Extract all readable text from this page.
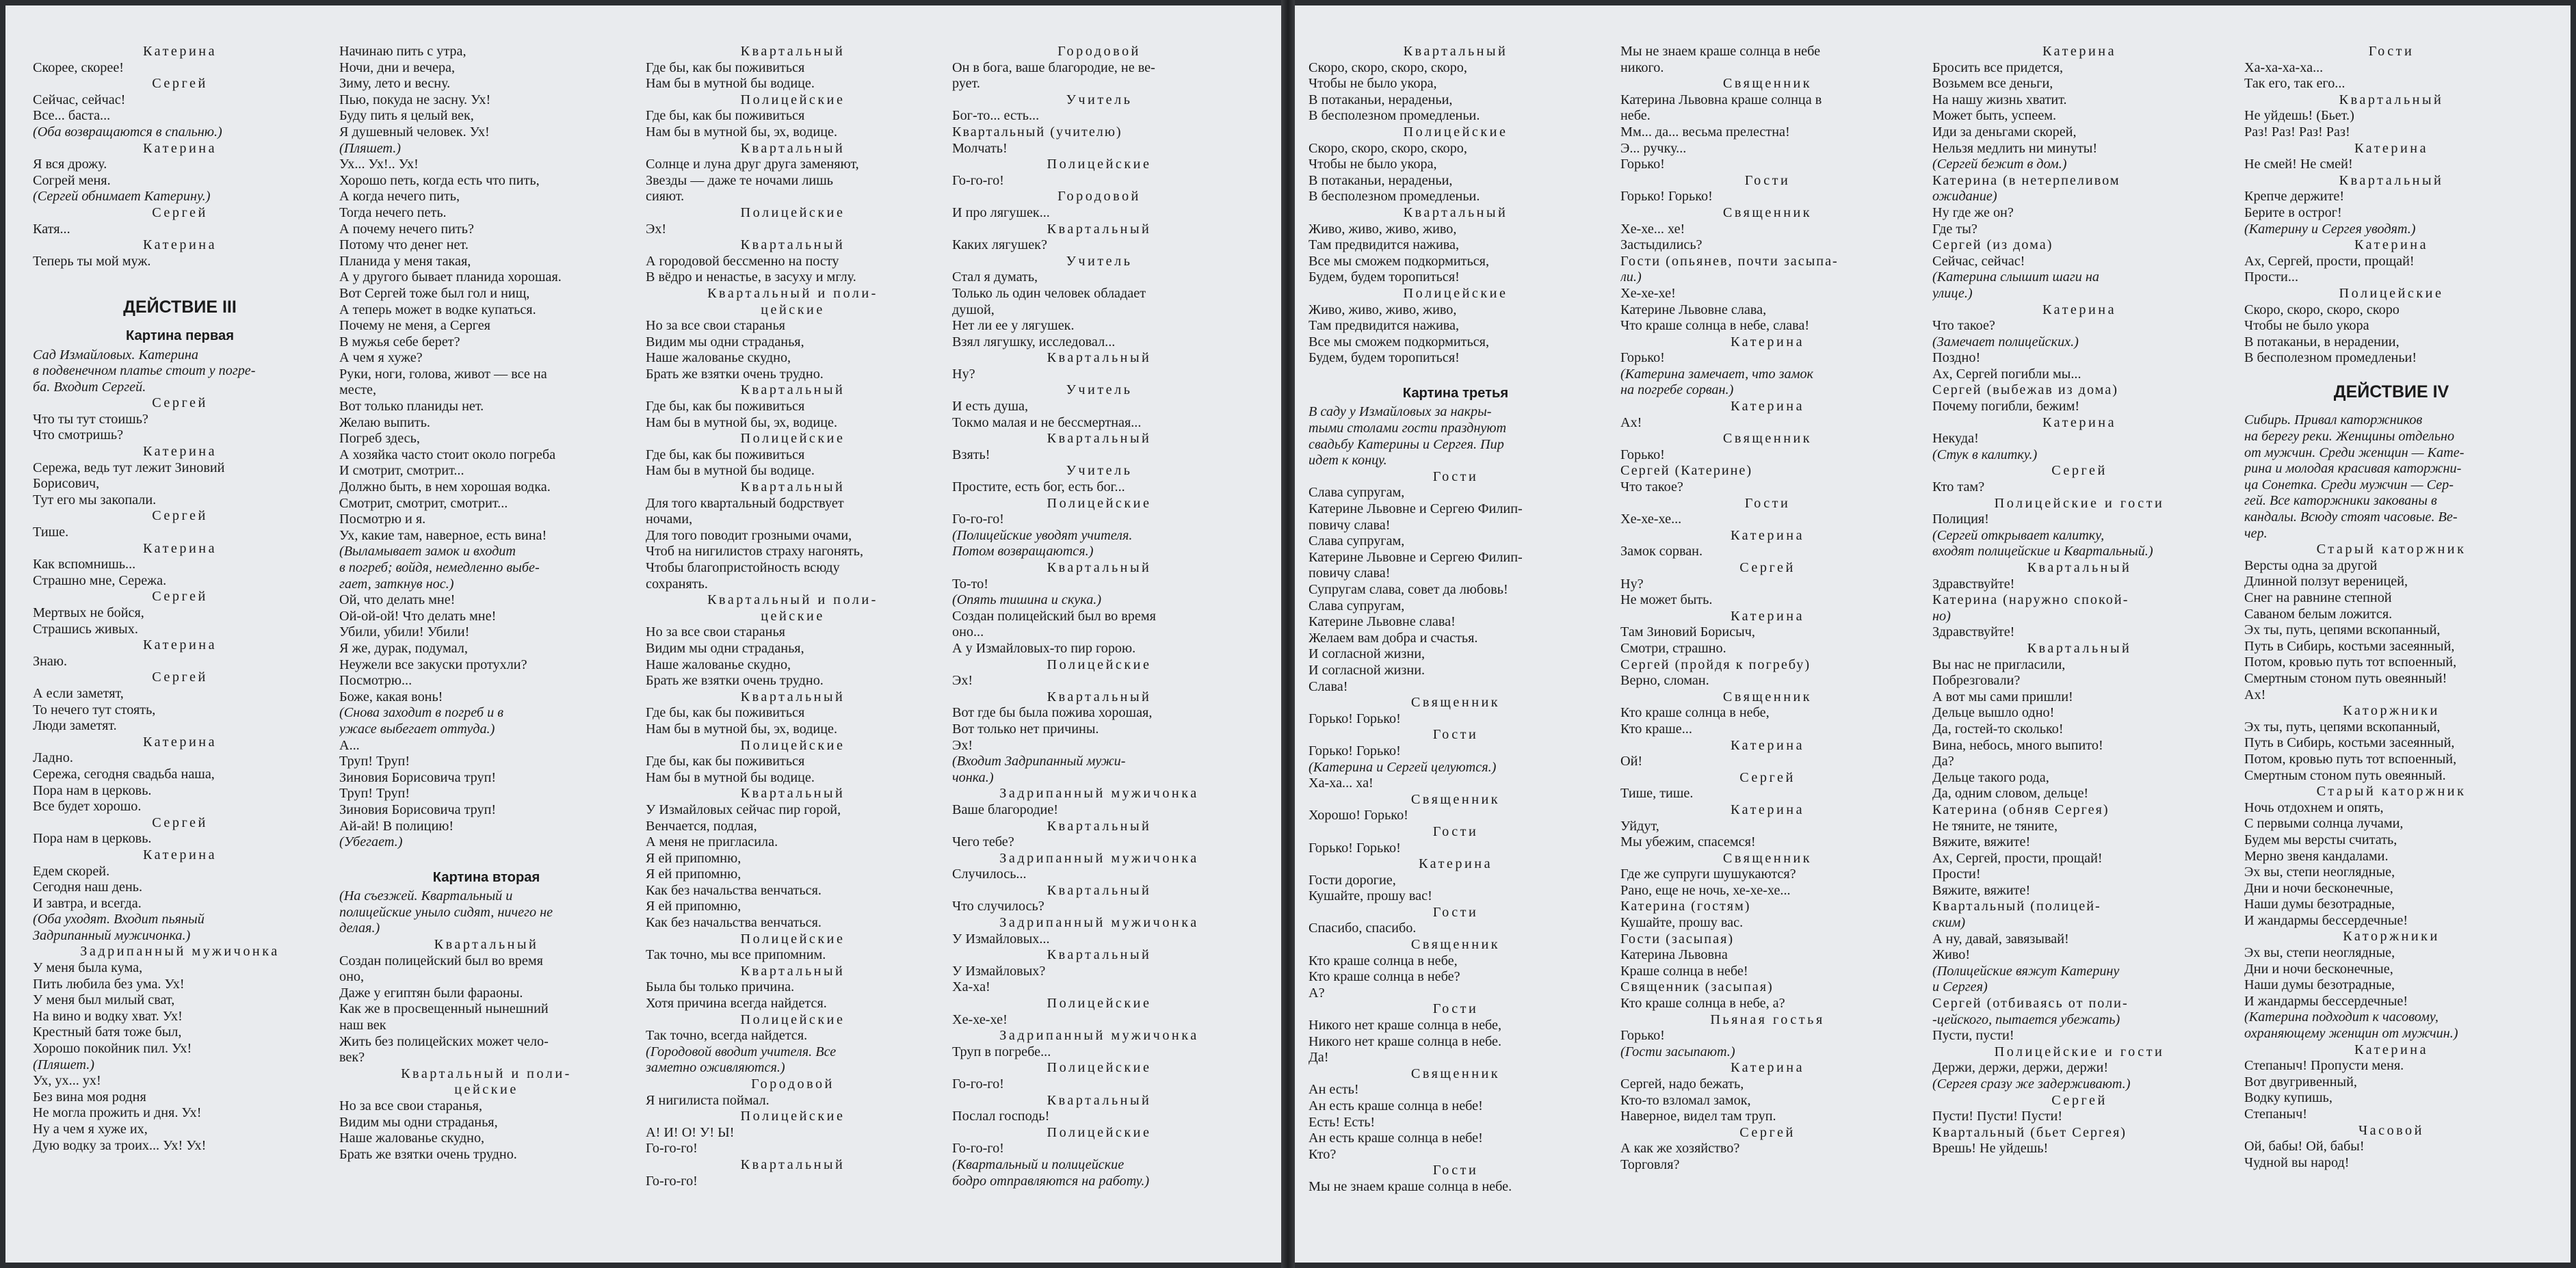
Катерина
Скорее, скорее!
Сергей
Сейчас, сейчас!
Все... баста...
(Оба возвращаются в спальню.)
Катерина
Я вся дрожу.
Согрей меня.
(Сергей обнимает Катерину.)
Сергей
Катя...
Катерина
Теперь ты мой муж.
ДЕЙСТВИЕ III
Картина первая
Сад Измайловых. Катерина
в подвенечном платье стоит у погре-
ба. Входит Сергей.
Сергей
Что ты тут стоишь?
Что смотришь?
Катерина
Сережа, ведь тут лежит Зиновий
Борисович,
Тут его мы закопали.
Сергей
Тише.
Катерина
Как вспомнишь...
Страшно мне, Сережа.
Сергей
Мертвых не бойся,
Страшись живых.
Катерина
Знаю.
Сергей
А если заметят,
То нечего тут стоять,
Люди заметят.
Катерина
Ладно.
Сережа, сегодня свадьба наша,
Пора нам в церковь.
Все будет хорошо.
Сергей
Пора нам в церковь.
Катерина
Едем скорей.
Сегодня наш день.
И завтра, и всегда.
(Оба уходят. Входит пьяный
Задрипанный мужичонка.)
Задрипанный мужичонка
У меня была кума,
Пить любила без ума. Ух!
У меня был милый сват,
На вино и водку хват. Ух!
Крестный батя тоже был,
Хорошо покойник пил. Ух!
(Пляшет.)
Ух, ух... ух!
Без вина моя родня
Не могла прожить и дня. Ух!
Ну а чем я хуже их,
Дую водку за троих... Ух! Ух!
Начинаю пить с утра,
Ночи, дни и вечера,
Зиму, лето и весну.
Пью, покуда не засну. Ух!
Буду пить я целый век,
Я душевный человек. Ух!
(Пляшет.)
Ух... Ух!.. Ух!
Хорошо петь, когда есть что пить,
А когда нечего пить,
Тогда нечего петь.
А почему нечего пить?
Потому что денег нет.
Планида у меня такая,
А у другого бывает планида хорошая.
Вот Сергей тоже был гол и нищ,
А теперь может в водке купаться.
Почему не меня, а Сергея
В мужья себе берет?
А чем я хуже?
Руки, ноги, голова, живот — все на
месте,
Вот только планиды нет.
Желаю выпить.
Погреб здесь,
А хозяйка часто стоит около погреба
И смотрит, смотрит...
Должно быть, в нем хорошая водка.
Смотрит, смотрит, смотрит...
Посмотрю и я.
Ух, какие там, наверное, есть вина!
(Выламывает замок и входит
в погреб; войдя, немедленно выбе-
гает, заткнув нос.)
Ой, что делать мне!
Ой-ой-ой! Что делать мне!
Убили, убили! Убили!
Я же, дурак, подумал,
Неужели все закуски протухли?
Посмотрю...
Боже, какая вонь!
(Снова заходит в погреб и в
ужасе выбегает оттуда.)
А...
Труп! Труп!
Зиновия Борисовича труп!
Труп! Труп!
Зиновия Борисовича труп!
Ай-ай! В полицию!
(Убегает.)
Картина вторая
(На съезжей. Квартальный и
полицейские уныло сидят, ничего не
делая.)
Квартальный
Создан полицейский был во время
оно,
Даже у египтян были фараоны.
Как же в просвещенный нынешний
наш век
Жить без полицейских может чело-
век?
Квартальный и поли-
цейские
Но за все свои старанья,
Видим мы одни страданья,
Наше жалованье скудно,
Брать же взятки очень трудно.
Квартальный
Где бы, как бы поживиться
Нам бы в мутной бы водице.
Полицейские
Где бы, как бы поживиться
Нам бы в мутной бы, эх, водице.
Квартальный
Солнце и луна друг друга заменяют,
Звезды — даже те ночами лишь
сияют.
Полицейские
Эх!
Квартальный
А городовой бессменно на посту
В вёдро и ненастье, в засуху и мглу.
Квартальный и поли-
цейские
Но за все свои старанья
Видим мы одни страданья,
Наше жалованье скудно,
Брать же взятки очень трудно.
Квартальный
Где бы, как бы поживиться
Нам бы в мутной бы, эх, водице.
Полицейские
Где бы, как бы поживиться
Нам бы в мутной бы водице.
Квартальный
Для того квартальный бодрствует
ночами,
Для того поводит грозными очами,
Чтоб на нигилистов страху нагонять,
Чтобы благопристойность всюду
сохранять.
Квартальный и поли-
цейские
Но за все свои старанья
Видим мы одни страданья,
Наше жалованье скудно,
Брать же взятки очень трудно.
Квартальный
Где бы, как бы поживиться
Нам бы в мутной бы, эх, водице.
Полицейские
Где бы, как бы поживиться
Нам бы в мутной бы водице.
Квартальный
У Измайловых сейчас пир горой,
Венчается, подлая,
А меня не пригласила.
Я ей припомню,
Я ей припомню,
Как без начальства венчаться.
Я ей припомню,
Как без начальства венчаться.
Полицейские
Так точно, мы все припомним.
Квартальный
Была бы только причина.
Хотя причина всегда найдется.
Полицейские
Так точно, всегда найдется.
(Городовой вводит учителя. Все
заметно оживляются.)
Городовой
Я нигилиста поймал.
Полицейские
А! И! О! У! Ы!
Го-го-го!
Квартальный
Го-го-го!
Городовой
Он в бога, ваше благородие, не ве-
рует.
Учитель
Бог-то... есть...
Квартальный (учителю)
Молчать!
Полицейские
Го-го-го!
Городовой
И про лягушек...
Квартальный
Каких лягушек?
Учитель
Стал я думать,
Только ль один человек обладает
душой,
Нет ли ее у лягушек.
Взял лягушку, исследовал...
Квартальный
Ну?
Учитель
И есть душа,
Токмо малая и не бессмертная...
Квартальный
Взять!
Учитель
Простите, есть бог, есть бог...
Полицейские
Го-го-го!
(Полицейские уводят учителя.
Потом возвращаются.)
Квартальный
То-то!
(Опять тишина и скука.)
Создан полицейский был во время
оно...
А у Измайловых-то пир горою.
Полицейские
Эх!
Квартальный
Вот где бы была пожива хорошая,
Вот только нет причины.
Эх!
(Входит Задрипанный мужи-
чонка.)
Задрипанный мужичонка
Ваше благородие!
Квартальный
Чего тебе?
Задрипанный мужичонка
Случилось...
Квартальный
Что случилось?
Задрипанный мужичонка
У Измайловых...
Квартальный
У Измайловых?
Ха-ха!
Полицейские
Хе-хе-хе!
Задрипанный мужичонка
Труп в погребе...
Полицейские
Го-го-го!
Квартальный
Послал господь!
Полицейские
Го-го-го!
(Квартальный и полицейские
бодро отправляются на работу.)
Квартальный
Скоро, скоро, скоро, скоро,
Чтобы не было укора,
В потаканьи, нераденьи,
В бесполезном промедленьи.
Полицейские
Скоро, скоро, скоро, скоро,
Чтобы не было укора,
В потаканьи, нераденьи,
В бесполезном промедленьи.
Квартальный
Живо, живо, живо, живо,
Там предвидится нажива,
Все мы сможем подкормиться,
Будем, будем торопиться!
Полицейские
Живо, живо, живо, живо,
Там предвидится нажива,
Все мы сможем подкормиться,
Будем, будем торопиться!
Картина третья
В саду у Измайловых за накры-
тыми столами гости празднуют
свадьбу Катерины и Сергея. Пир
идет к концу.
Гости
Слава супругам,
Катерине Львовне и Сергею Филип-
повичу слава!
Слава супругам,
Катерине Львовне и Сергею Филип-
повичу слава!
Супругам слава, совет да любовь!
Слава супругам,
Катерине Львовне слава!
Желаем вам добра и счастья.
И согласной жизни,
И согласной жизни.
Слава!
Священник
Горько! Горько!
Гости
Горько! Горько!
(Катерина и Сергей целуются.)
Ха-ха... ха!
Священник
Хорошо! Горько!
Гости
Горько! Горько!
Катерина
Гости дорогие,
Кушайте, прошу вас!
Гости
Спасибо, спасибо.
Священник
Кто краше солнца в небе,
Кто краше солнца в небе?
А?
Гости
Никого нет краше солнца в небе,
Никого нет краше солнца в небе.
Да!
Священник
Ан есть!
Ан есть краше солнца в небе!
Есть! Есть!
Ан есть краше солнца в небе!
Кто?
Гости
Мы не знаем краше солнца в небе.
Мы не знаем краше солнца в небе
никого.
Священник
Катерина Львовна краше солнца в
небе.
Мм... да... весьма прелестна!
Э... ручку...
Горько!
Гости
Горько! Горько!
Священник
Хе-хе... хе!
Застыдились?
Гости (опьянев, почти засыпа-
ли.)
Хе-хе-хе!
Катерине Львовне слава,
Что краше солнца в небе, слава!
Катерина
Горько!
(Катерина замечает, что замок
на погребе сорван.)
Катерина
Ах!
Священник
Горько!
Сергей (Катерине)
Что такое?
Гости
Хе-хе-хе...
Катерина
Замок сорван.
Сергей
Ну?
Не может быть.
Катерина
Там Зиновий Борисыч,
Смотри, страшно.
Сергей (пройдя к погребу)
Верно, сломан.
Священник
Кто краше солнца в небе,
Кто краше...
Катерина
Ой!
Сергей
Тише, тише.
Катерина
Уйдут,
Мы убежим, спасемся!
Священник
Где же супруги шушукаются?
Рано, еще не ночь, хе-хе-хе...
Катерина (гостям)
Кушайте, прошу вас.
Гости (засыпая)
Катерина Львовна
Краше солнца в небе!
Священник (засыпая)
Кто краше солнца в небе, а?
Пьяная гостья
Горько!
(Гости засыпают.)
Катерина
Сергей, надо бежать,
Кто-то взломал замок,
Наверное, видел там труп.
Сергей
А как же хозяйство?
Торговля?
Катерина
Бросить все придется,
Возьмем все деньги,
На нашу жизнь хватит.
Может быть, успеем.
Иди за деньгами скорей,
Нельзя медлить ни минуты!
(Сергей бежит в дом.)
Катерина (в нетерпеливом
ожидание)
Ну где же он?
Где ты?
Сергей (из дома)
Сейчас, сейчас!
(Катерина слышит шаги на
улице.)
Катерина
Что такое?
(Замечает полицейских.)
Поздно!
Ах, Сергей погибли мы...
Сергей (выбежав из дома)
Почему погибли, бежим!
Катерина
Некуда!
(Стук в калитку.)
Сергей
Кто там?
Полицейские и гости
Полиция!
(Сергей открывает калитку,
входят полицейские и Квартальный.)
Квартальный
Здравствуйте!
Катерина (наружно спокой-
но)
Здравствуйте!
Квартальный
Вы нас не пригласили,
Побрезговали?
А вот мы сами пришли!
Дельце вышло одно!
Да, гостей-то сколько!
Вина, небось, много выпито!
Да?
Дельце такого рода,
Да, одним словом, дельце!
Катерина (обняв Сергея)
Не тяните, не тяните,
Вяжите, вяжите!
Ах, Сергей, прости, прощай!
Прости!
Вяжите, вяжите!
Квартальный (полицей-
ским)
А ну, давай, завязывай!
Живо!
(Полицейские вяжут Катерину
и Сергея)
Сергей (отбиваясь от поли-
-цейского, пытается убежать)
Пусти, пусти!
Полицейские и гости
Держи, держи, держи, держи!
(Сергея сразу же задерживают.)
Сергей
Пусти! Пусти! Пусти!
Квартальный (бьет Сергея)
Врешь! Не уйдешь!
Гости
Ха-ха-ха-ха...
Так его, так его...
Квартальный
Не уйдешь! (Бьет.)
Раз! Раз! Раз! Раз!
Катерина
Не смей! Не смей!
Квартальный
Крепче держите!
Берите в острог!
(Катерину и Сергея уводят.)
Катерина
Ах, Сергей, прости, прощай!
Прости...
Полицейские
Скоро, скоро, скоро, скоро
Чтобы не было укора
В потаканьи, в нерадении,
В бесполезном промедленьи!
ДЕЙСТВИЕ IV
Сибирь. Привал каторжников
на берегу реки. Женщины отдельно
от мужчин. Среди женщин — Кате-
рина и молодая красивая каторжни-
ца Сонетка. Среди мужчин — Сер-
гей. Все каторжники закованы в
кандалы. Всюду стоят часовые. Ве-
чер.
Старый каторжник
Версты одна за другой
Длинной ползут вереницей,
Снег на равнине степной
Саваном белым ложится.
Эх ты, путь, цепями вскопанный,
Путь в Сибирь, костьми засеянный,
Потом, кровью путь тот вспоенный,
Смертным стоном путь овеянный!
Ах!
Каторжники
Эх ты, путь, цепями вскопанный,
Путь в Сибирь, костьми засеянный,
Потом, кровью путь тот вспоенный,
Смертным стоном путь овеянный.
Старый каторжник
Ночь отдохнем и опять,
С первыми солнца лучами,
Будем мы версты считать,
Мерно звеня кандалами.
Эх вы, степи неоглядные,
Дни и ночи бесконечные,
Наши думы безотрадные,
И жандармы бессердечные!
Каторжники
Эх вы, степи неоглядные,
Дни и ночи бесконечные,
Наши думы безотрадные,
И жандармы бессердечные!
(Катерина подходит к часовому,
охраняющему женщин от мужчин.)
Катерина
Степаныч! Пропусти меня.
Вот двугривенный,
Водку купишь,
Степаныч!
Часовой
Ой, бабы! Ой, бабы!
Чудной вы народ!
